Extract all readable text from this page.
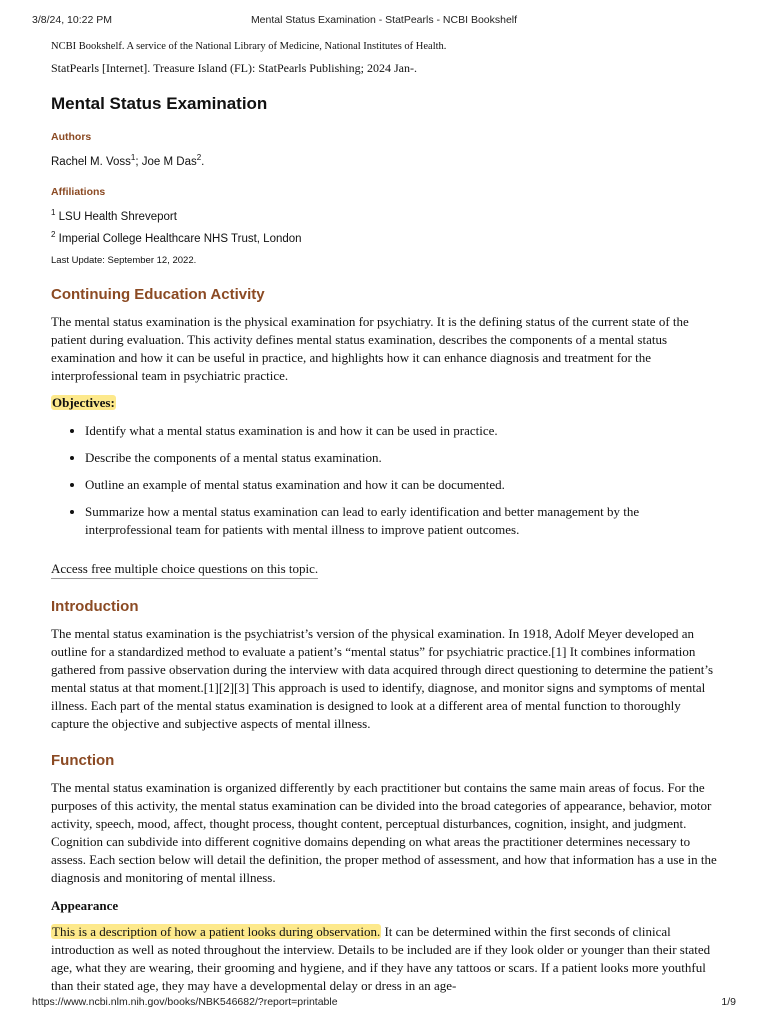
3/8/24, 10:22 PM	Mental Status Examination - StatPearls - NCBI Bookshelf

NCBI Bookshelf. A service of the National Library of Medicine, National Institutes of Health.

StatPearls [Internet]. Treasure Island (FL): StatPearls Publishing; 2024 Jan-.

Mental Status Examination
Authors
Rachel M. Voss$^1$; Joe M Das$^2$.
Affiliations
$^1$ LSU Health Shreveport
$^2$ Imperial College Healthcare NHS Trust, London
Last Update: September 12, 2022.
Continuing Education Activity

The mental status examination is the physical examination for psychiatry. It is the defining status of the current state of the patient during evaluation. This activity defines mental status examination, describes the components of a mental status examination and how it can be useful in practice, and highlights how it can enhance diagnosis and treatment for the interprofessional team in psychiatric practice.

Objectives:
• Identify what a mental status examination is and how it can be used in practice.
• Describe the components of a mental status examination.
• Outline an example of mental status examination and how it can be documented.
• Summarize how a mental status examination can lead to early identification and better management by the interprofessional team for patients with mental illness to improve patient outcomes.
Access free multiple choice questions on this topic.
Introduction

The mental status examination is the psychiatrist’s version of the physical examination. In 1918, Adolf Meyer developed an outline for a standardized method to evaluate a patient’s “mental status” for psychiatric practice.[1] It combines information gathered from passive observation during the interview with data acquired through direct questioning to determine the patient’s mental status at that moment.[1][2][3] This approach is used to identify, diagnose, and monitor signs and symptoms of mental illness. Each part of the mental status examination is designed to look at a different area of mental function to thoroughly capture the objective and subjective aspects of mental illness.

Function

The mental status examination is organized differently by each practitioner but contains the same main areas of focus. For the purposes of this activity, the mental status examination can be divided into the broad categories of appearance, behavior, motor activity, speech, mood, affect, thought process, thought content, perceptual disturbances, cognition, insight, and judgment. Cognition can subdivide into different cognitive domains depending on what areas the practitioner determines necessary to assess. Each section below will detail the definition, the proper method of assessment, and how that information has a use in the diagnosis and monitoring of mental illness.

Appearance

This is a description of how a patient looks during observation. It can be determined within the first seconds of clinical introduction as well as noted throughout the interview. Details to be included are if they look older or younger than their stated age, what they are wearing, their grooming and hygiene, and if they have any tattoos or scars. If a patient looks more youthful than their stated age, they may have a developmental delay or dress in an age-

https://www.ncbi.nlm.nih.gov/books/NBK546682/?report=printable	1/9
